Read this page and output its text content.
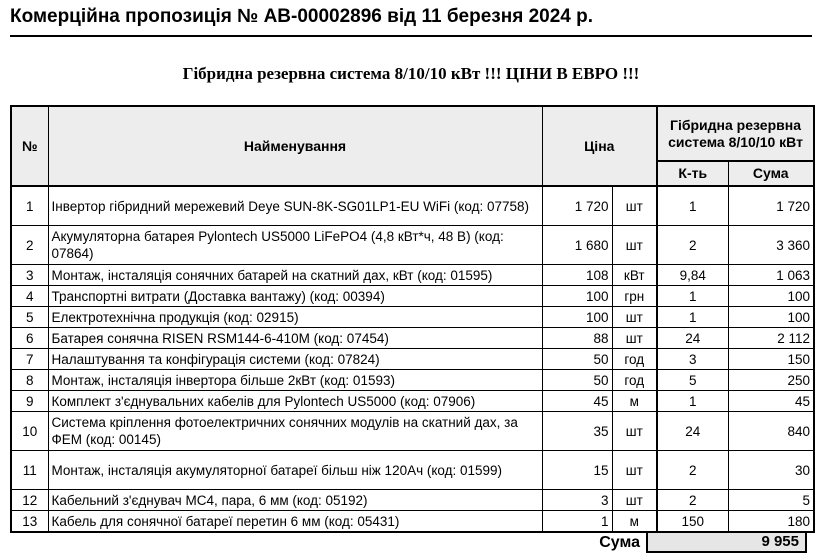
Комерційна пропозиція № АВ-00002896 від 11 березня 2024 р.
Гібридна резервна система 8/10/10 кВт !!! ЦІНИ В ЕВРО !!!
№	Найменування	Ціна		Гібридна резервна система 8/10/10 кВт	
				К-ть	Сума
1	Інвертор гібридний мережевий Deye SUN-8K-SG01LP1-EU WiFi (код: 07758)	1 720	шт	1	1 720
2	Акумуляторна батарея Pylontech US5000 LiFePO4 (4,8 кВт*ч, 48 В) (код: 07864)	1 680	шт	2	3 360
3	Монтаж, інсталяція сонячних батарей на скатний дах, кВт (код: 01595)	108	кВт	9,84	1 063
4	Транспортні витрати (Доставка вантажу) (код: 00394)	100	грн	1	100
5	Електротехнічна продукція (код: 02915)	100	шт	1	100
6	Батарея сонячна RISEN RSM144-6-410M (код: 07454)	88	шт	24	2 112
7	Налаштування та конфігурація системи (код: 07824)	50	год	3	150
8	Монтаж, інсталяція інвертора більше 2кВт (код: 01593)	50	год	5	250
9	Комплект з'єднувальних кабелів для Pylontech US5000 (код: 07906)	45	м	1	45
10	Система кріплення фотоелектричних сонячних модулів на скатний дах, за ФЕМ (код: 00145)	35	шт	24	840
11	Монтаж, інсталяція акумуляторної батареї більш ніж 120Ач (код: 01599)	15	шт	2	30
12	Кабельний з'єднувач MC4, пара, 6 мм (код: 05192)	3	шт	2	5
13	Кабель для сонячної батареї перетин 6 мм (код: 05431)	1	м	150	180
Сума	9 955
